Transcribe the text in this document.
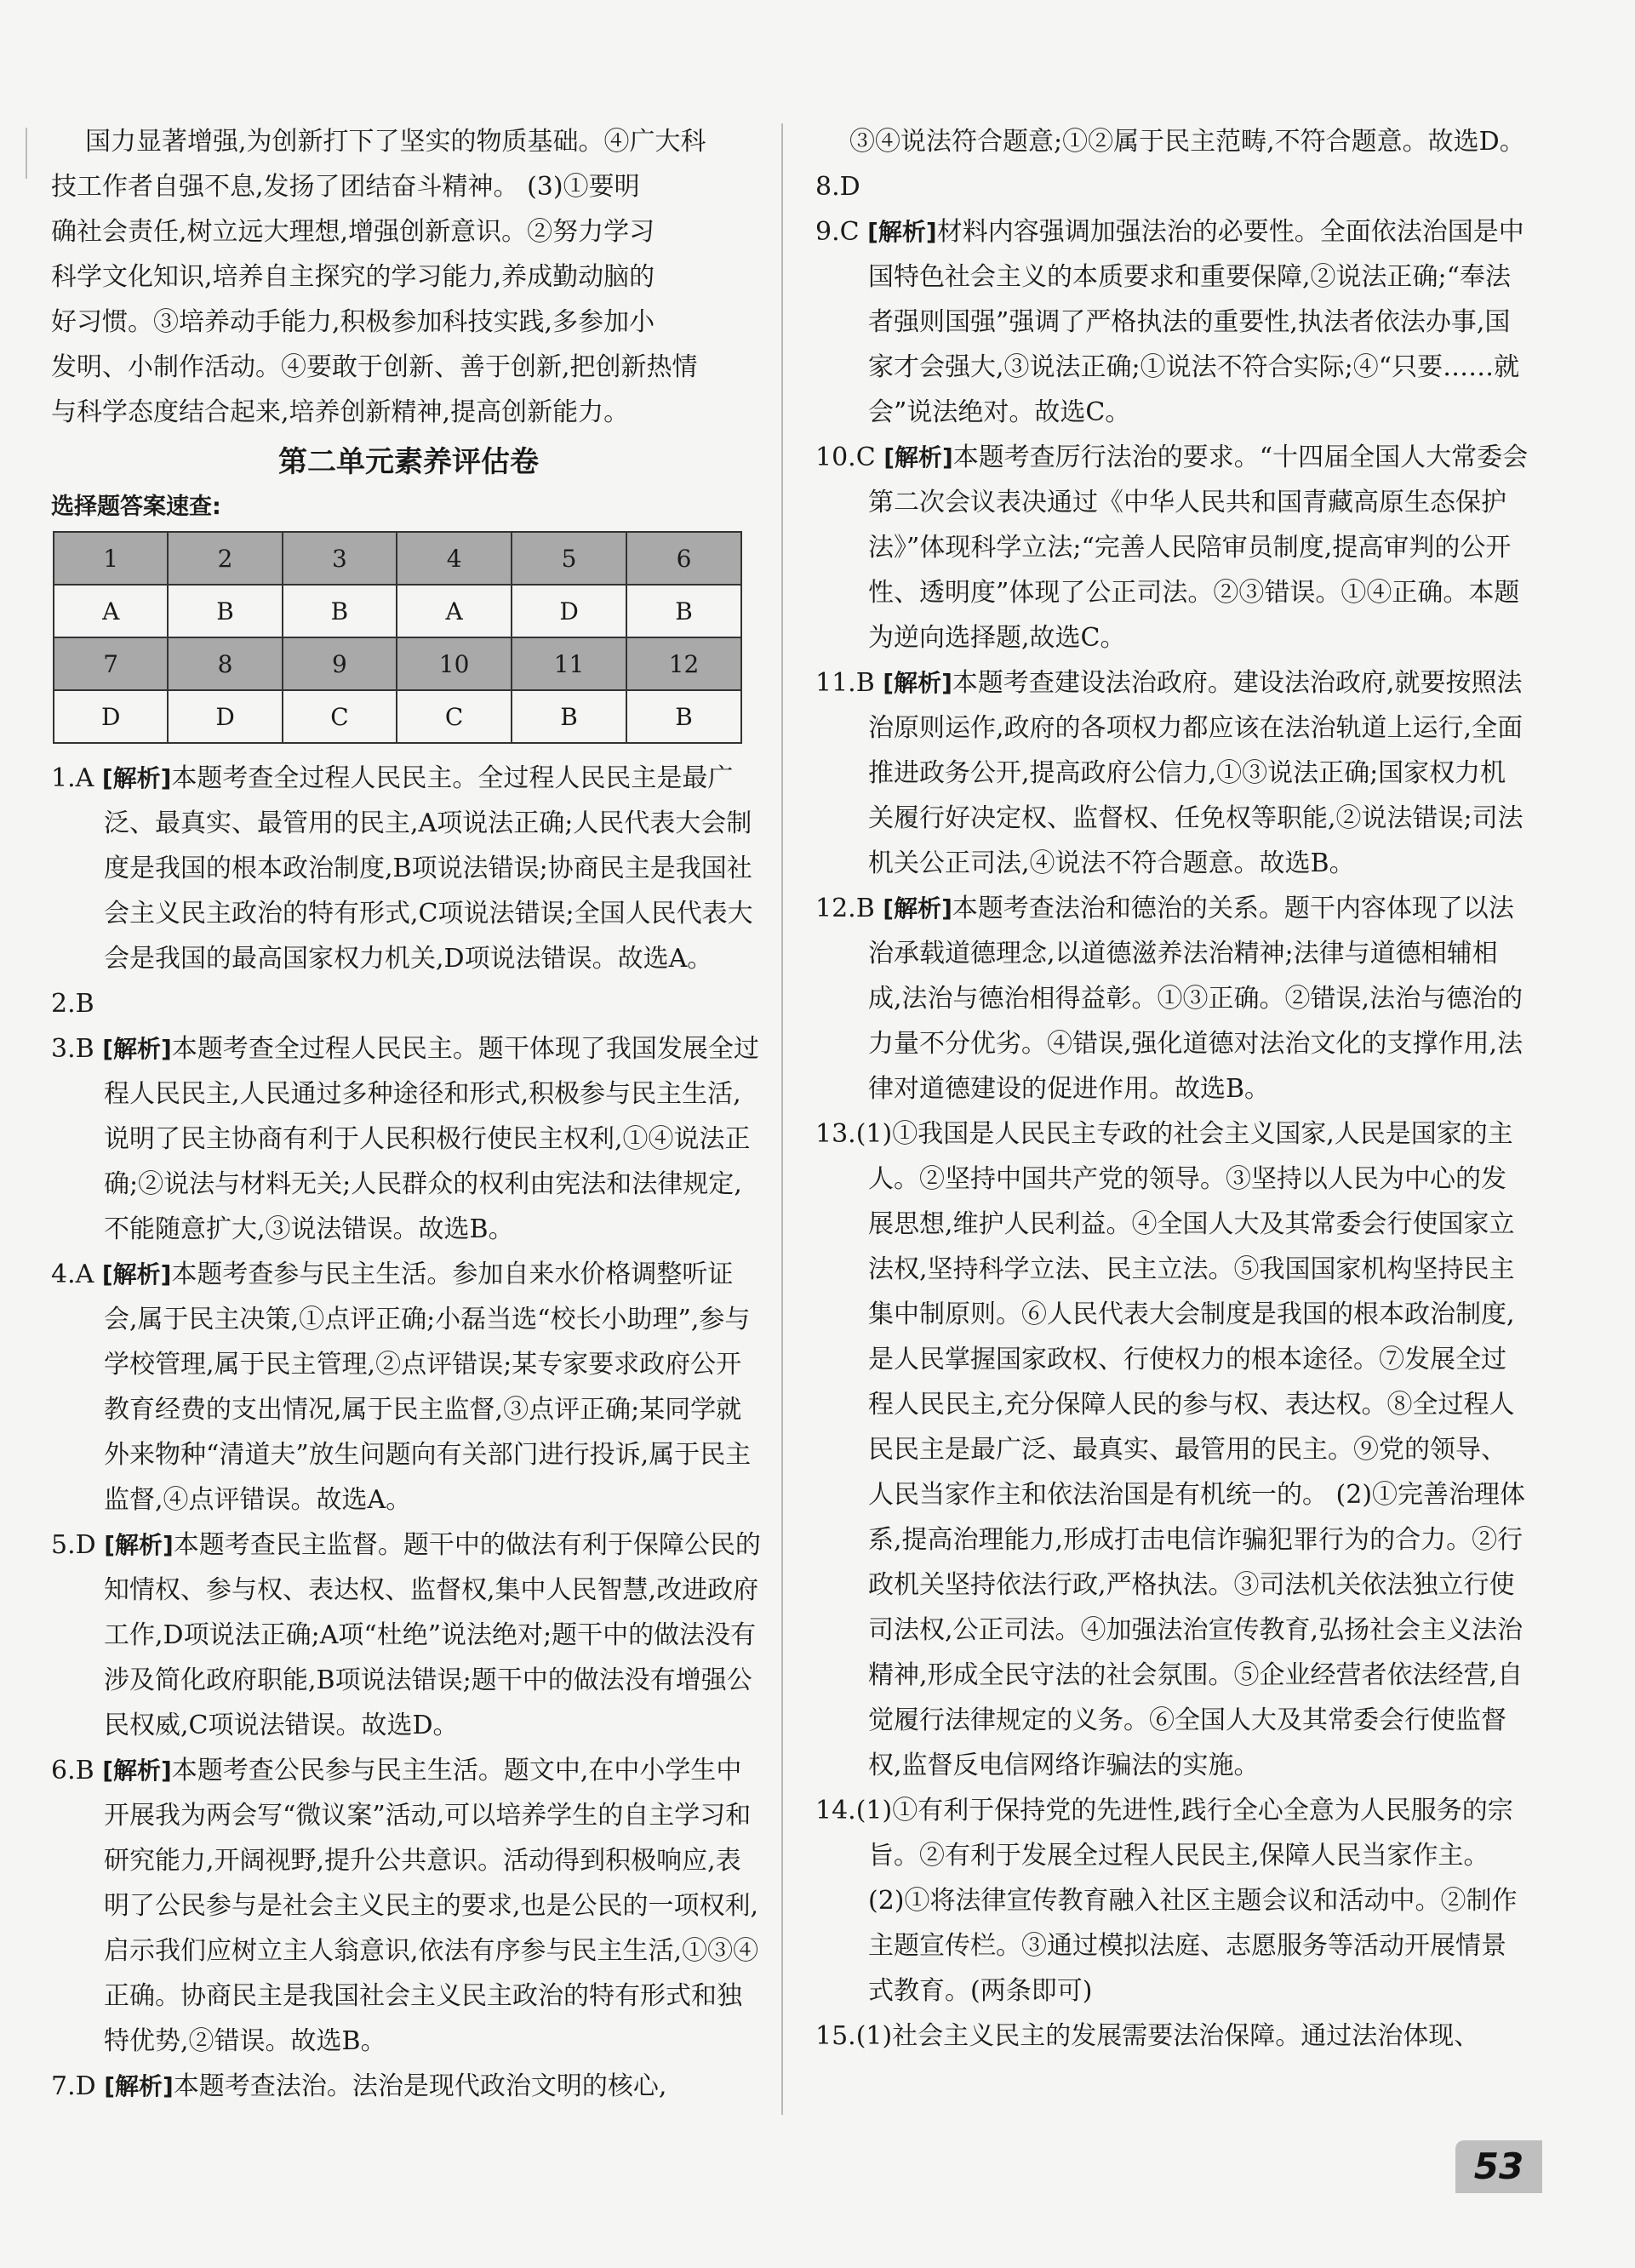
国力显著增强,为创新打下了坚实的物质基础。④广大科

技工作者自强不息,发扬了团结奋斗精神。 (3)①要明

确社会责任,树立远大理想,增强创新意识。②努力学习

科学文化知识,培养自主探究的学习能力,养成勤动脑的

好习惯。③培养动手能力,积极参加科技实践,多参加小

发明、小制作活动。④要敢于创新、善于创新,把创新热情

与科学态度结合起来,培养创新精神,提高创新能力。

第二单元素养评估卷
选择题答案速查:
1	2	3	4	5	6
A	B	B	A	D	B
7	8	9	10	11	12
D	D	C	C	B	B

1.A [解析]本题考查全过程人民民主。全过程人民民主是最广泛、最真实、最管用的民主,A项说法正确;人民代表大会制度是我国的根本政治制度,B项说法错误;协商民主是我国社会主义民主政治的特有形式,C项说法错误;全国人民代表大会是我国的最高国家权力机关,D项说法错误。故选A。

2.B

3.B [解析]本题考查全过程人民民主。题干体现了我国发展全过程人民民主,人民通过多种途径和形式,积极参与民主生活,说明了民主协商有利于人民积极行使民主权利,①④说法正确;②说法与材料无关;人民群众的权利由宪法和法律规定,不能随意扩大,③说法错误。故选B。

4.A [解析]本题考查参与民主生活。参加自来水价格调整听证会,属于民主决策,①点评正确;小磊当选“校长小助理”,参与学校管理,属于民主管理,②点评错误;某专家要求政府公开教育经费的支出情况,属于民主监督,③点评正确;某同学就外来物种“清道夫”放生问题向有关部门进行投诉,属于民主监督,④点评错误。故选A。

5.D [解析]本题考查民主监督。题干中的做法有利于保障公民的知情权、参与权、表达权、监督权,集中人民智慧,改进政府工作,D项说法正确;A项“杜绝”说法绝对;题干中的做法没有涉及简化政府职能,B项说法错误;题干中的做法没有增强公民权威,C项说法错误。故选D。

6.B [解析]本题考查公民参与民主生活。题文中,在中小学生中开展我为两会写“微议案”活动,可以培养学生的自主学习和研究能力,开阔视野,提升公共意识。活动得到积极响应,表明了公民参与是社会主义民主的要求,也是公民的一项权利,启示我们应树立主人翁意识,依法有序参与民主生活,①③④正确。协商民主是我国社会主义民主政治的特有形式和独特优势,②错误。故选B。

7.D [解析]本题考查法治。法治是现代政治文明的核心,

③④说法符合题意;①②属于民主范畴,不符合题意。故选D。

8.D

9.C [解析]材料内容强调加强法治的必要性。全面依法治国是中国特色社会主义的本质要求和重要保障,②说法正确;“奉法者强则国强”强调了严格执法的重要性,执法者依法办事,国家才会强大,③说法正确;①说法不符合实际;④“只要……就会”说法绝对。故选C。

10.C [解析]本题考查厉行法治的要求。“十四届全国人大常委会第二次会议表决通过《中华人民共和国青藏高原生态保护法》”体现科学立法;“完善人民陪审员制度,提高审判的公开性、透明度”体现了公正司法。②③错误。①④正确。本题为逆向选择题,故选C。

11.B [解析]本题考查建设法治政府。建设法治政府,就要按照法治原则运作,政府的各项权力都应该在法治轨道上运行,全面推进政务公开,提高政府公信力,①③说法正确;国家权力机关履行好决定权、监督权、任免权等职能,②说法错误;司法机关公正司法,④说法不符合题意。故选B。

12.B [解析]本题考查法治和德治的关系。题干内容体现了以法治承载道德理念,以道德滋养法治精神;法律与道德相辅相成,法治与德治相得益彰。①③正确。②错误,法治与德治的力量不分优劣。④错误,强化道德对法治文化的支撑作用,法律对道德建设的促进作用。故选B。

13.(1)①我国是人民民主专政的社会主义国家,人民是国家的主人。②坚持中国共产党的领导。③坚持以人民为中心的发展思想,维护人民利益。④全国人大及其常委会行使国家立法权,坚持科学立法、民主立法。⑤我国国家机构坚持民主集中制原则。⑥人民代表大会制度是我国的根本政治制度,是人民掌握国家政权、行使权力的根本途径。⑦发展全过程人民民主,充分保障人民的参与权、表达权。⑧全过程人民民主是最广泛、最真实、最管用的民主。⑨党的领导、人民当家作主和依法治国是有机统一的。 (2)①完善治理体系,提高治理能力,形成打击电信诈骗犯罪行为的合力。②行政机关坚持依法行政,严格执法。③司法机关依法独立行使司法权,公正司法。④加强法治宣传教育,弘扬社会主义法治精神,形成全民守法的社会氛围。⑤企业经营者依法经营,自觉履行法律规定的义务。⑥全国人大及其常委会行使监督权,监督反电信网络诈骗法的实施。

14.(1)①有利于保持党的先进性,践行全心全意为人民服务的宗旨。②有利于发展全过程人民民主,保障人民当家作主。 (2)①将法律宣传教育融入社区主题会议和活动中。②制作主题宣传栏。③通过模拟法庭、志愿服务等活动开展情景式教育。(两条即可)

15.(1)社会主义民主的发展需要法治保障。通过法治体现、

53
